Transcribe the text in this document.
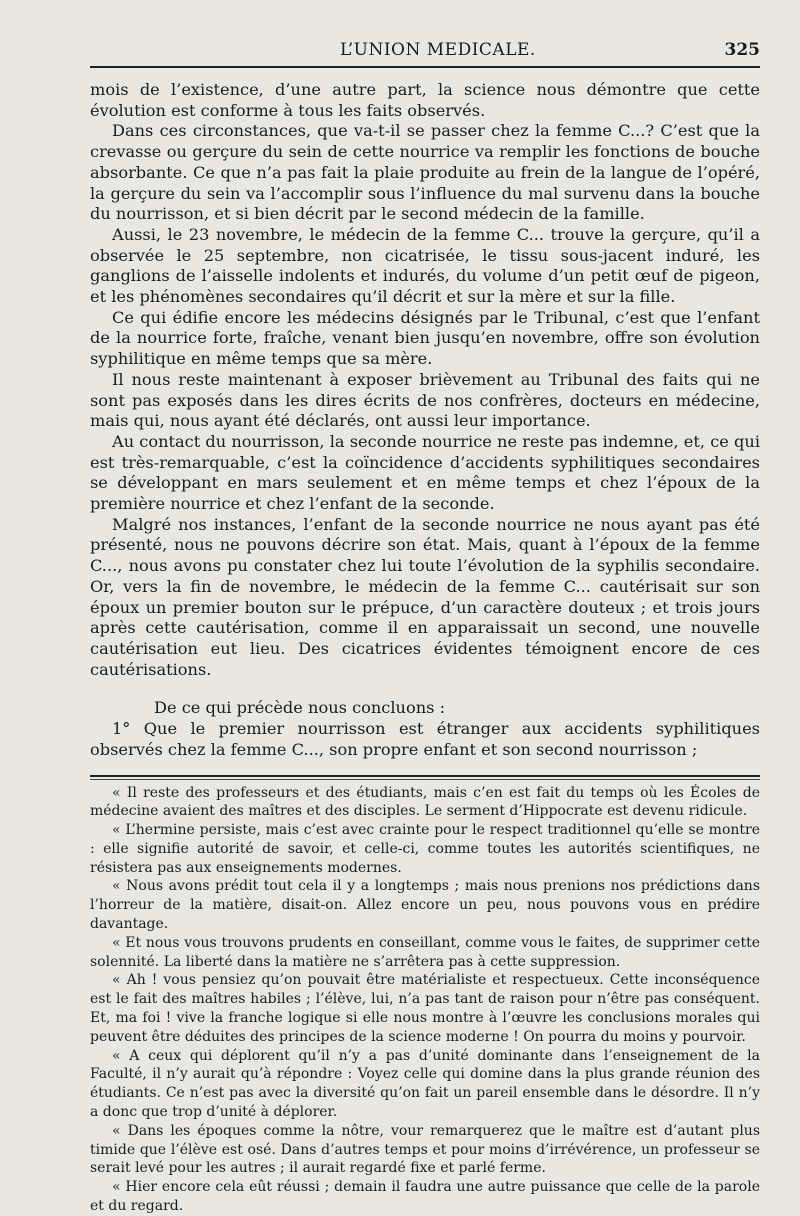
L’UNION MEDICALE.	325

mois de l’existence, d’une autre part, la science nous démontre que cette évolution est conforme à tous les faits observés.

Dans ces circonstances, que va-t-il se passer chez la femme C...? C’est que la crevasse ou gerçure du sein de cette nourrice va remplir les fonctions de bouche absorbante. Ce que n’a pas fait la plaie produite au frein de la langue de l’opéré, la gerçure du sein va l’accomplir sous l’influence du mal survenu dans la bouche du nourrisson, et si bien décrit par le second médecin de la famille.

Aussi, le 23 novembre, le médecin de la femme C... trouve la gerçure, qu’il a observée le 25 septembre, non cicatrisée, le tissu sous-jacent induré, les ganglions de l’aisselle indolents et indurés, du volume d’un petit œuf de pigeon, et les phénomènes secondaires qu’il décrit et sur la mère et sur la fille.

Ce qui édifie encore les médecins désignés par le Tribunal, c’est que l’enfant de la nourrice forte, fraîche, venant bien jusqu’en novembre, offre son évolution syphilitique en même temps que sa mère.

Il nous reste maintenant à exposer brièvement au Tribunal des faits qui ne sont pas exposés dans les dires écrits de nos confrères, docteurs en médecine, mais qui, nous ayant été déclarés, ont aussi leur importance.

Au contact du nourrisson, la seconde nourrice ne reste pas indemne, et, ce qui est très-remarquable, c’est la coïncidence d’accidents syphilitiques secondaires se développant en mars seulement et en même temps et chez l’époux de la première nourrice et chez l’enfant de la seconde.

Malgré nos instances, l’enfant de la seconde nourrice ne nous ayant pas été présenté, nous ne pouvons décrire son état. Mais, quant à l’époux de la femme C..., nous avons pu constater chez lui toute l’évolution de la syphilis secondaire. Or, vers la fin de novembre, le médecin de la femme C... cautérisait sur son époux un premier bouton sur le prépuce, d’un caractère douteux ; et trois jours après cette cautérisation, comme il en apparaissait un second, une nouvelle cautérisation eut lieu. Des cicatrices évidentes témoignent encore de ces cautérisations.

De ce qui précède nous concluons :

1° Que le premier nourrisson est étranger aux accidents syphilitiques observés chez la femme C..., son propre enfant et son second nourrisson ;

« Il reste des professeurs et des étudiants, mais c’en est fait du temps où les Écoles de médecine avaient des maîtres et des disciples. Le serment d’Hippocrate est devenu ridicule.

« L’hermine persiste, mais c’est avec crainte pour le respect traditionnel qu’elle se montre : elle signifie autorité de savoir, et celle-ci, comme toutes les autorités scientifiques, ne résistera pas aux enseignements modernes.

« Nous avons prédit tout cela il y a longtemps ; mais nous prenions nos prédictions dans l’horreur de la matière, disait-on. Allez encore un peu, nous pouvons vous en prédire davantage.

« Et nous vous trouvons prudents en conseillant, comme vous le faites, de supprimer cette solennité. La liberté dans la matière ne s’arrêtera pas à cette suppression.

« Ah ! vous pensiez qu’on pouvait être matérialiste et respectueux. Cette inconséquence est le fait des maîtres habiles ; l’élève, lui, n’a pas tant de raison pour n’être pas conséquent. Et, ma foi ! vive la franche logique si elle nous montre à l’œuvre les conclusions morales qui peuvent être déduites des principes de la science moderne ! On pourra du moins y pourvoir.

« A ceux qui déplorent qu’il n’y a pas d’unité dominante dans l’enseignement de la Faculté, il n’y aurait qu’à répondre : Voyez celle qui domine dans la plus grande réunion des étudiants. Ce n’est pas avec la diversité qu’on fait un pareil ensemble dans le désordre. Il n’y a donc que trop d’unité à déplorer.

« Dans les époques comme la nôtre, vour remarquerez que le maître est d’autant plus timide que l’élève est osé. Dans d’autres temps et pour moins d’irrévérence, un professeur se serait levé pour les autres ; il aurait regardé fixe et parlé ferme.

« Hier encore cela eût réussi ; demain il faudra une autre puissance que celle de la parole et du regard.
